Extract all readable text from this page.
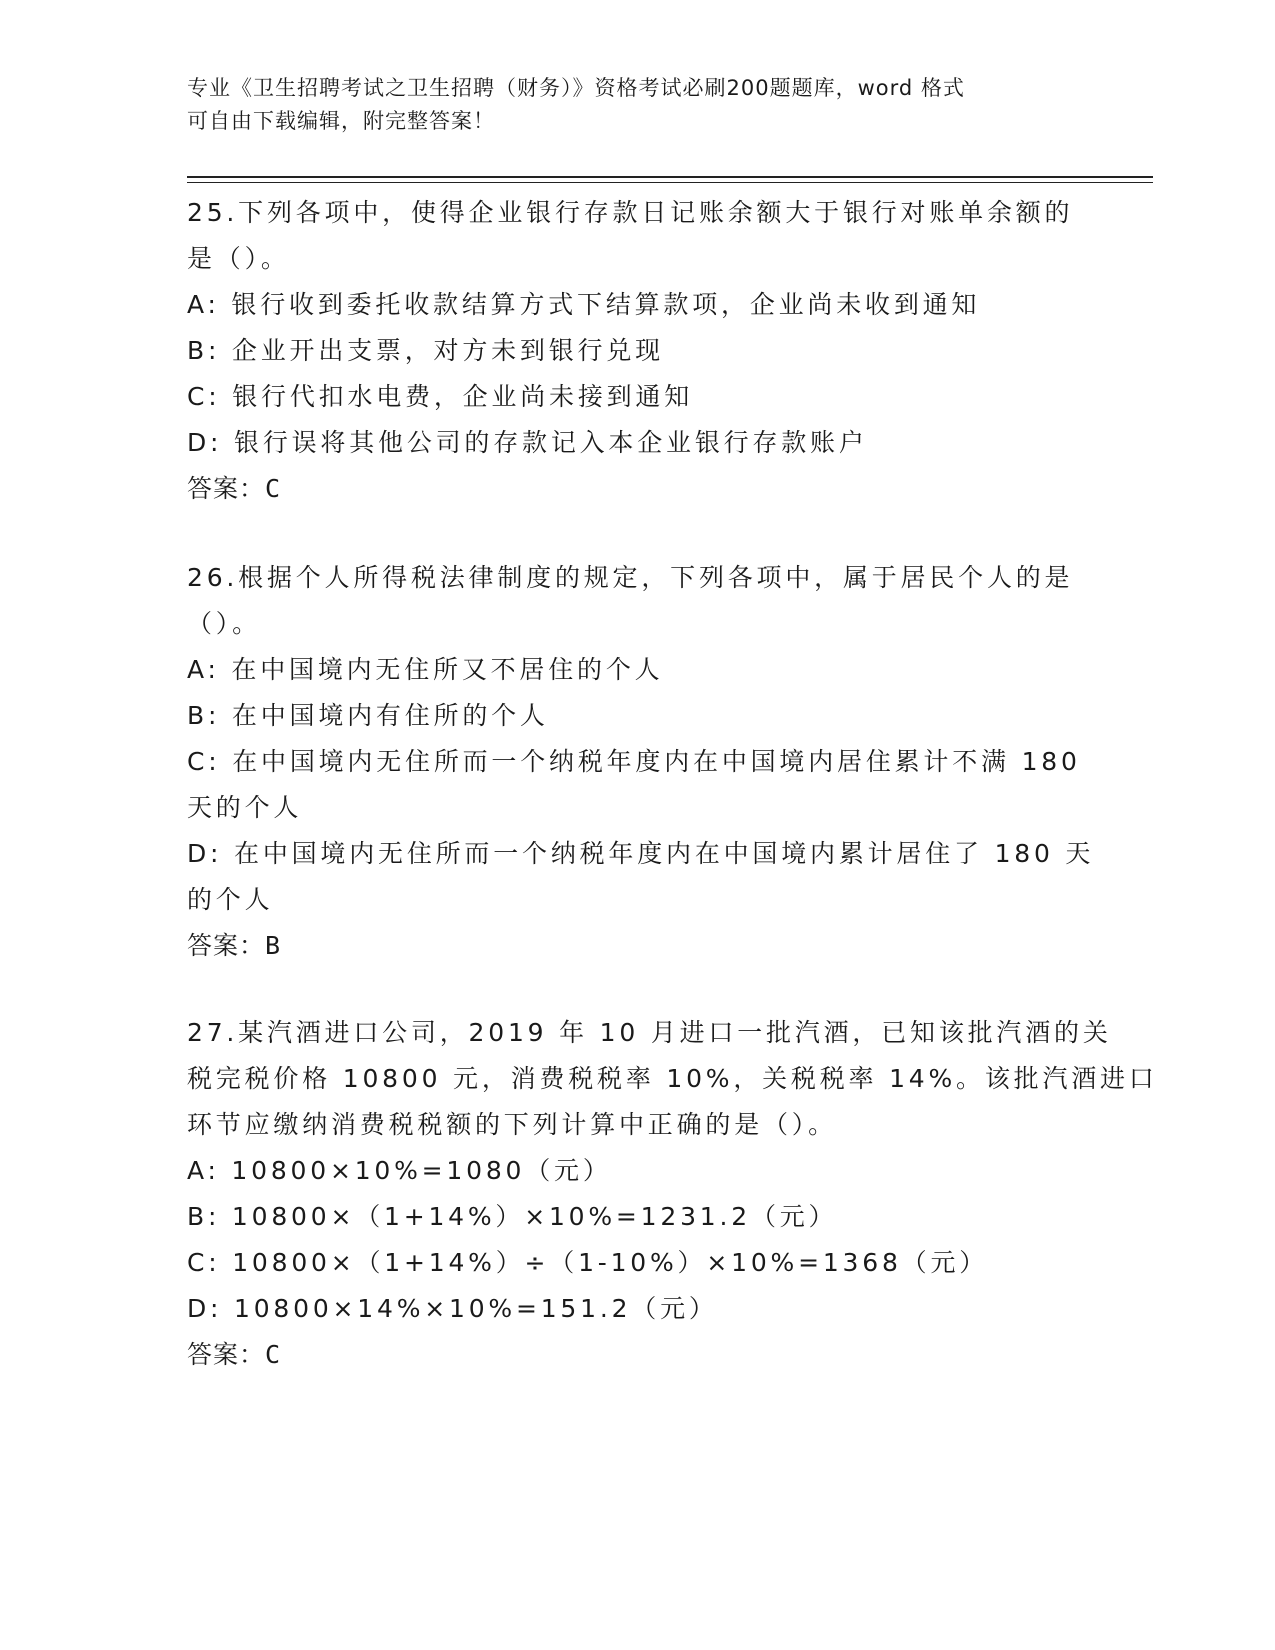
专业《卫生招聘考试之卫生招聘（财务）》资格考试必刷200题题库，word 格式
可自由下载编辑，附完整答案！
25.下列各项中，使得企业银行存款日记账余额大于银行对账单余额的
是（）。
A: 银行收到委托收款结算方式下结算款项，企业尚未收到通知
B: 企业开出支票，对方未到银行兑现
C: 银行代扣水电费，企业尚未接到通知
D: 银行误将其他公司的存款记入本企业银行存款账户
答案：C
26.根据个人所得税法律制度的规定，下列各项中，属于居民个人的是
（）。
A: 在中国境内无住所又不居住的个人
B: 在中国境内有住所的个人
C: 在中国境内无住所而一个纳税年度内在中国境内居住累计不满 180
天的个人
D: 在中国境内无住所而一个纳税年度内在中国境内累计居住了 180 天
的个人
答案：B
27.某汽酒进口公司，2019 年 10 月进口一批汽酒，已知该批汽酒的关
税完税价格 10800 元，消费税税率 10%，关税税率 14%。该批汽酒进口
环节应缴纳消费税税额的下列计算中正确的是（）。
A: 10800×10%=1080（元）
B: 10800×（1+14%）×10%=1231.2（元）
C: 10800×（1+14%）÷（1-10%）×10%=1368（元）
D: 10800×14%×10%=151.2（元）
答案：C
